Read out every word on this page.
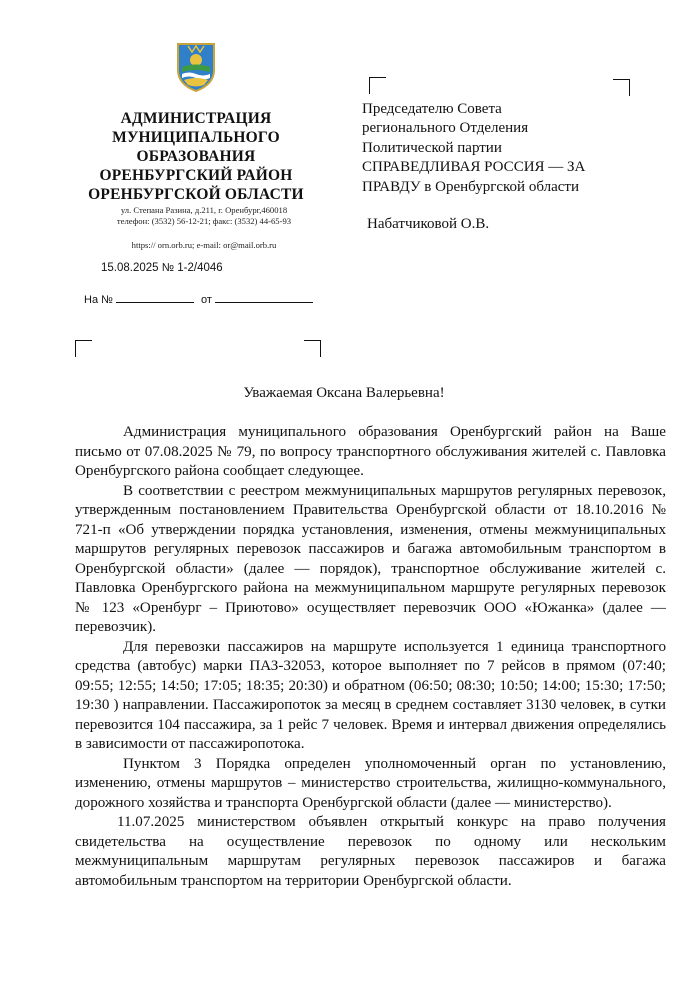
АДМИНИСТРАЦИЯ МУНИЦИПАЛЬНОГО ОБРАЗОВАНИЯ ОРЕНБУРГСКИЙ РАЙОН ОРЕНБУРГСКОЙ ОБЛАСТИ
ул. Степана Разина, д.211, г. Оренбург,460018
телефон: (3532) 56-12-21; факс: (3532) 44-65-93
https:// orn.orb.ru; e-mail: or@mail.orb.ru
15.08.2025 № 1-2/4046
На №	от
Председателю Совета
регионального Отделения
Политической партии
СПРАВЕДЛИВАЯ РОССИЯ — ЗА
ПРАВДУ в Оренбургской области
Набатчиковой О.В.
Уважаемая Оксана Валерьевна!

Администрация муниципального образования Оренбургский район на Ваше письмо от 07.08.2025 № 79, по вопросу транспортного обслуживания жителей с. Павловка Оренбургского района сообщает следующее.

В соответствии с реестром межмуниципальных маршрутов регулярных перевозок, утвержденным постановлением Правительства Оренбургской области от 18.10.2016 № 721-п «Об утверждении порядка установления, изменения, отмены межмуниципальных маршрутов регулярных перевозок пассажиров и багажа автомобильным транспортом в Оренбургской области» (далее — порядок), транспортное обслуживание жителей с. Павловка Оренбургского района на межмуниципальном маршруте регулярных перевозок № 123 «Оренбург – Приютово» осуществляет перевозчик ООО «Южанка» (далее — перевозчик).

Для перевозки пассажиров на маршруте используется 1 единица транспортного средства (автобус) марки ПАЗ-32053, которое выполняет по 7 рейсов в прямом (07:40; 09:55; 12:55; 14:50; 17:05; 18:35; 20:30) и обратном (06:50; 08:30; 10:50; 14:00; 15:30; 17:50; 19:30 ) направлении. Пассажиропоток за месяц в среднем составляет 3130 человек, в сутки перевозится 104 пассажира, за 1 рейс 7 человек. Время и интервал движения определялись в зависимости от пассажиропотока.

Пунктом 3 Порядка определен уполномоченный орган по установлению, изменению, отмены маршрутов – министерство строительства, жилищно-коммунального, дорожного хозяйства и транспорта Оренбургской области (далее — министерство).

11.07.2025 министерством объявлен открытый конкурс на право получения свидетельства на осуществление перевозок по одному или нескольким межмуниципальным маршрутам регулярных перевозок пассажиров и багажа автомобильным транспортом на территории Оренбургской области.
